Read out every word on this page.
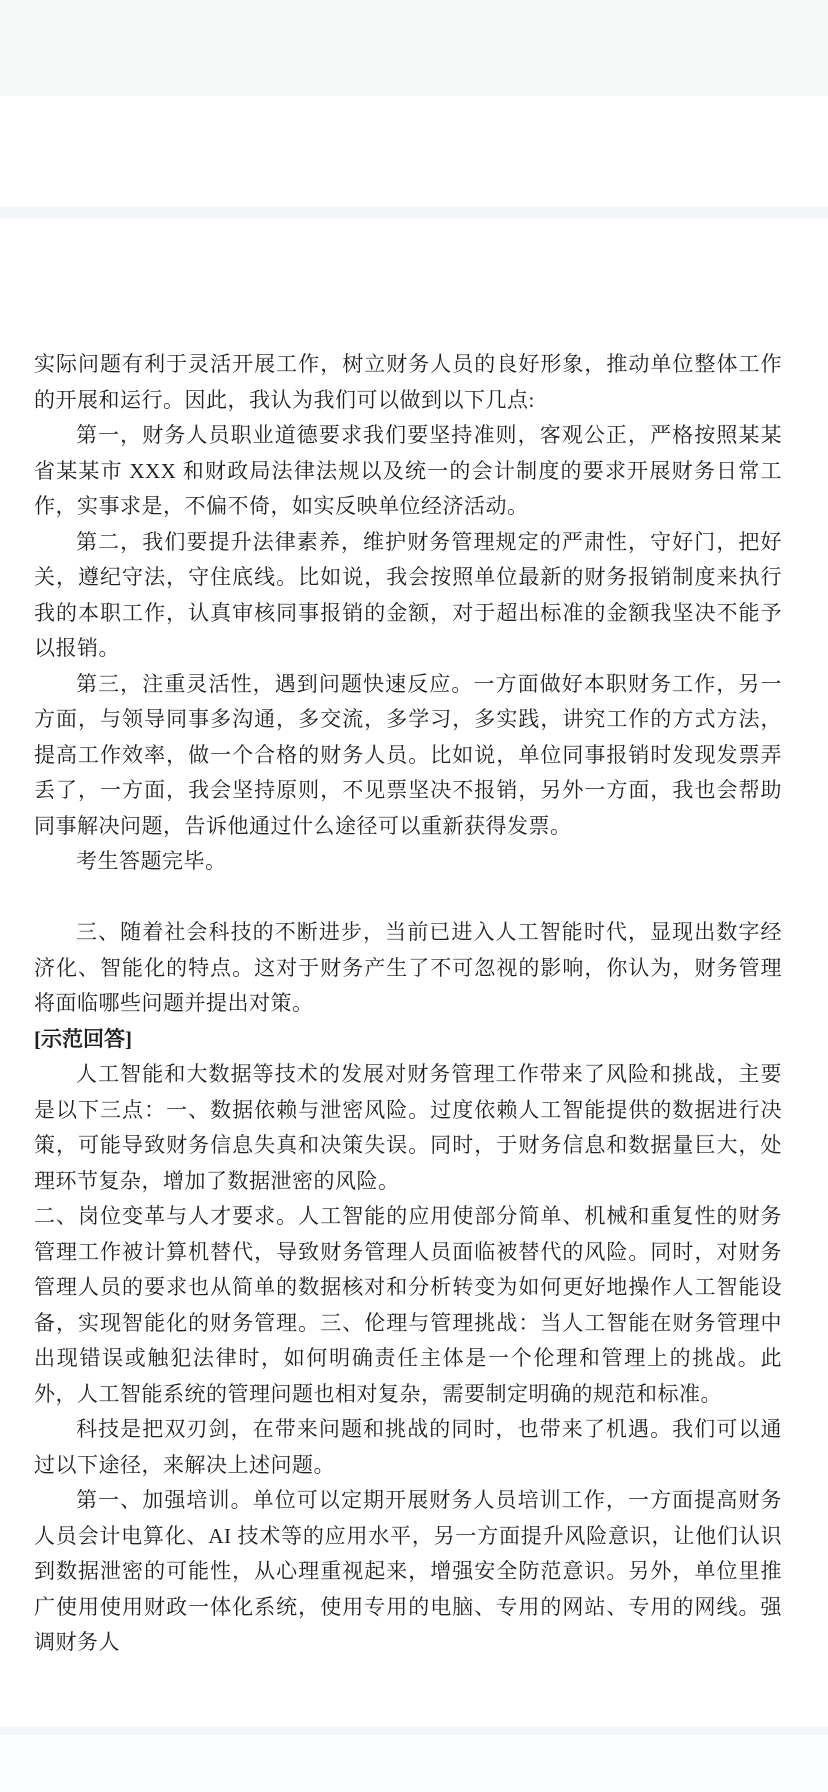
实际问题有利于灵活开展工作，树立财务人员的良好形象，推动单位整体工作的开展和运行。因此，我认为我们可以做到以下几点:

第一，财务人员职业道德要求我们要坚持准则，客观公正，严格按照某某省某某市 XXX 和财政局法律法规以及统一的会计制度的要求开展财务日常工作，实事求是，不偏不倚，如实反映单位经济活动。

第二，我们要提升法律素养，维护财务管理规定的严肃性，守好门，把好关，遵纪守法，守住底线。比如说，我会按照单位最新的财务报销制度来执行我的本职工作，认真审核同事报销的金额，对于超出标准的金额我坚决不能予以报销。

第三，注重灵活性，遇到问题快速反应。一方面做好本职财务工作，另一方面，与领导同事多沟通，多交流，多学习，多实践，讲究工作的方式方法，提高工作效率，做一个合格的财务人员。比如说，单位同事报销时发现发票弄丢了，一方面，我会坚持原则，不见票坚决不报销，另外一方面，我也会帮助同事解决问题，告诉他通过什么途径可以重新获得发票。

考生答题完毕。

三、随着社会科技的不断进步，当前已进入人工智能时代，显现出数字经济化、智能化的特点。这对于财务产生了不可忽视的影响，你认为，财务管理将面临哪些问题并提出对策。

[示范回答]

人工智能和大数据等技术的发展对财务管理工作带来了风险和挑战，主要是以下三点：一、数据依赖与泄密风险。过度依赖人工智能提供的数据进行决策，可能导致财务信息失真和决策失误。同时，于财务信息和数据量巨大，处理环节复杂，增加了数据泄密的风险。

二、岗位变革与人才要求。人工智能的应用使部分简单、机械和重复性的财务管理工作被计算机替代，导致财务管理人员面临被替代的风险。同时，对财务管理人员的要求也从简单的数据核对和分析转变为如何更好地操作人工智能设备，实现智能化的财务管理。三、伦理与管理挑战：当人工智能在财务管理中出现错误或触犯法律时，如何明确责任主体是一个伦理和管理上的挑战。此外，人工智能系统的管理问题也相对复杂，需要制定明确的规范和标准。

科技是把双刃剑，在带来问题和挑战的同时，也带来了机遇。我们可以通过以下途径，来解决上述问题。

第一、加强培训。单位可以定期开展财务人员培训工作，一方面提高财务人员会计电算化、AI 技术等的应用水平，另一方面提升风险意识，让他们认识到数据泄密的可能性，从心理重视起来，增强安全防范意识。另外，单位里推广使用使用财政一体化系统，使用专用的电脑、专用的网站、专用的网线。强调财务人
